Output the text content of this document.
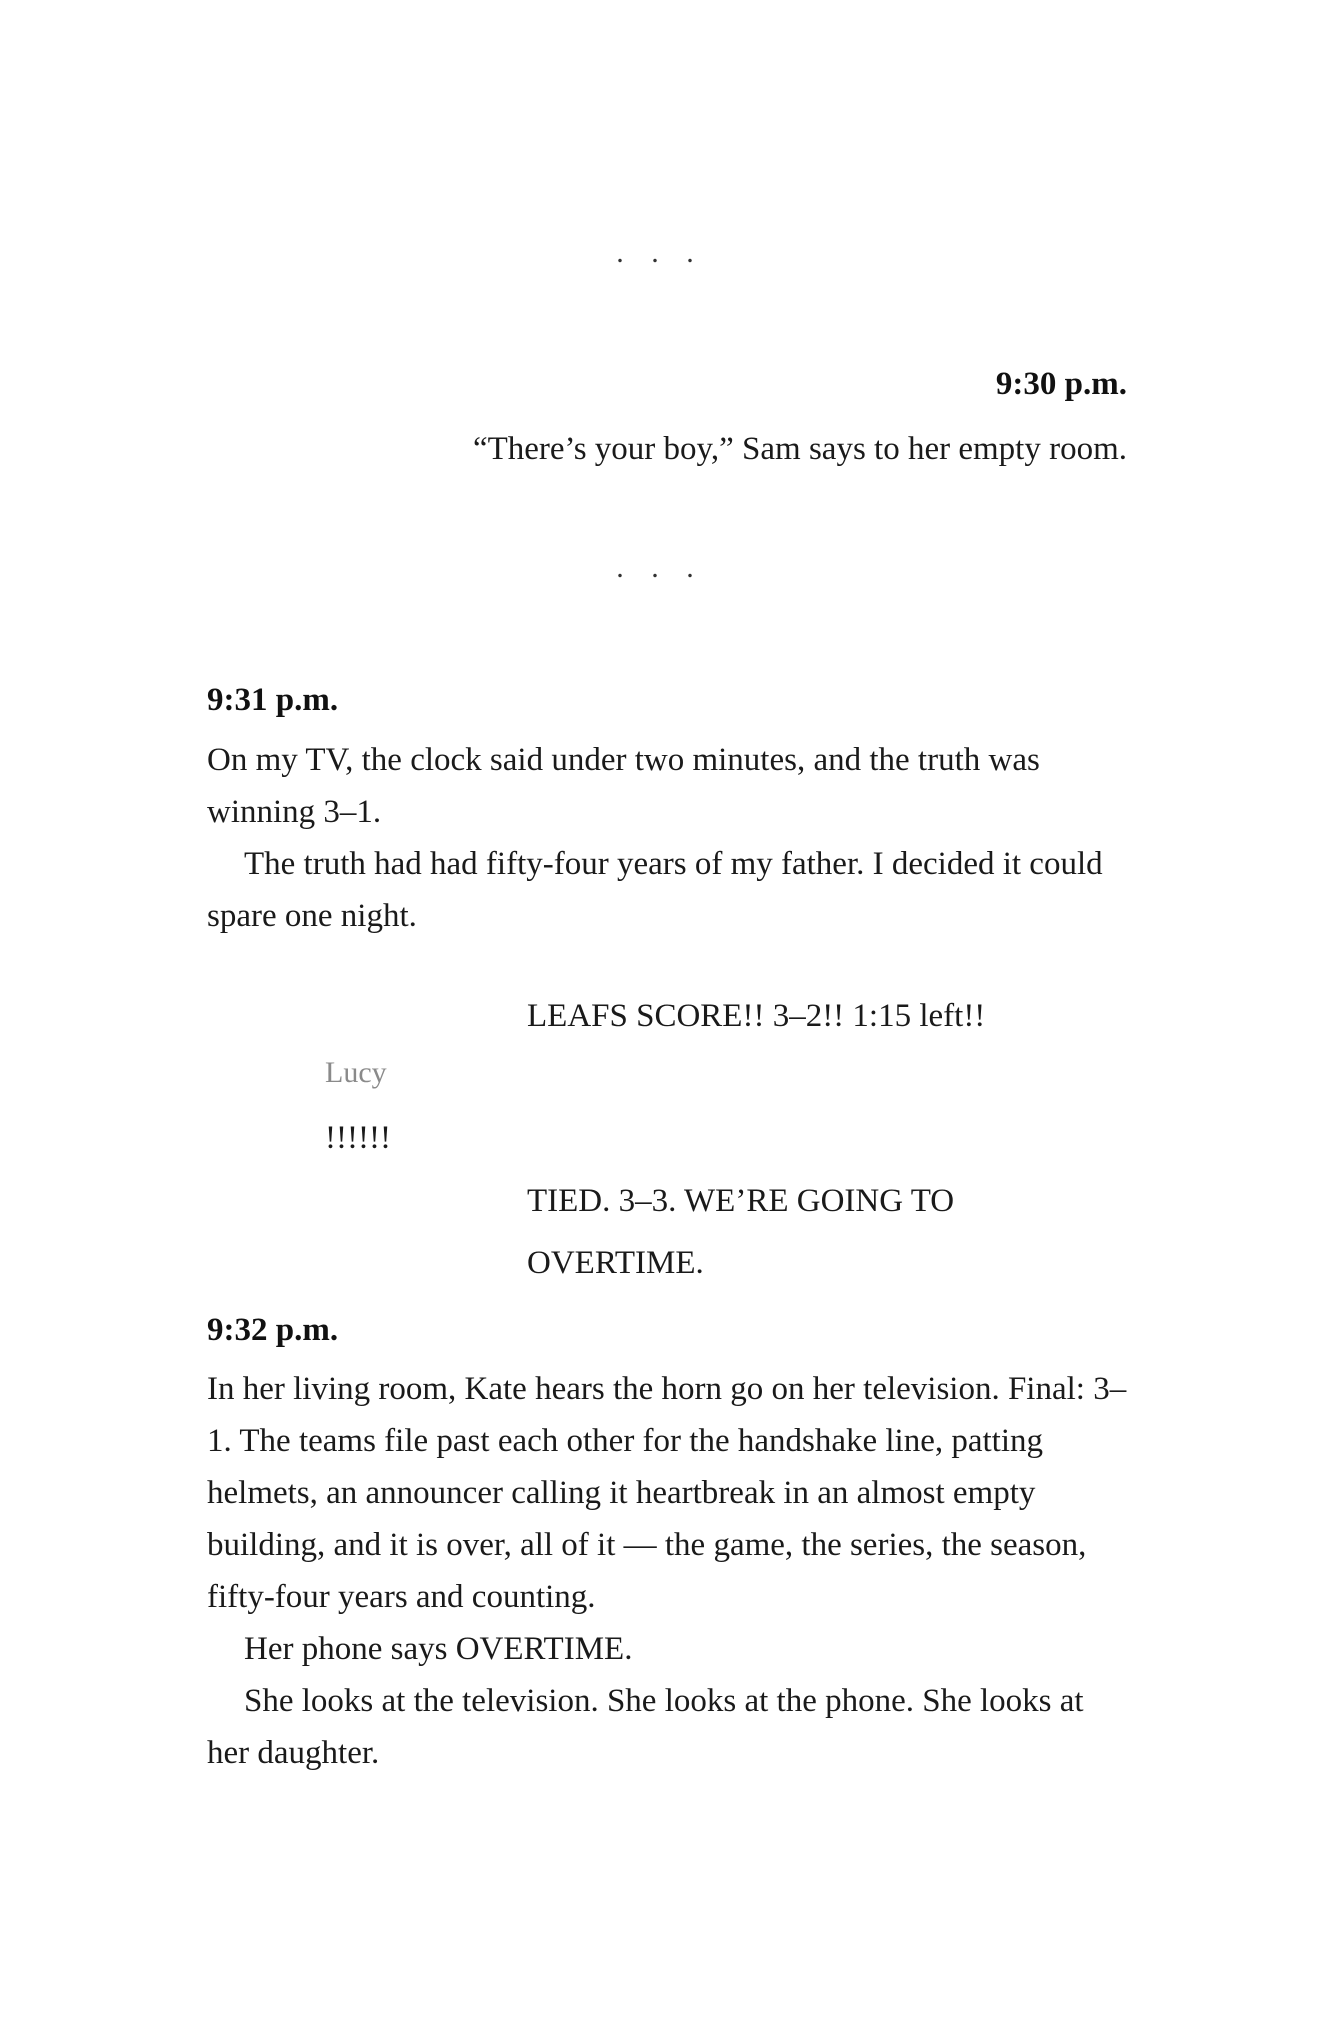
. . .
9:30 p.m.
“There’s your boy,” Sam says to her empty room.
. . .
9:31 p.m.

On my TV, the clock said under two minutes, and the truth was winning 3–1.

The truth had had fifty-four years of my father. I decided it could spare one night.

LEAFS SCORE!! 3–2!! 1:15 left!!
Lucy
!!!!!!
TIED. 3–3. WE’RE GOING TO OVERTIME.
9:32 p.m.

In her living room, Kate hears the horn go on her television. Final: 3–1. The teams file past each other for the handshake line, patting helmets, an announcer calling it heartbreak in an almost empty building, and it is over, all of it — the game, the series, the season, fifty-four years and counting.

Her phone says OVERTIME.

She looks at the television. She looks at the phone. She looks at her daughter.
